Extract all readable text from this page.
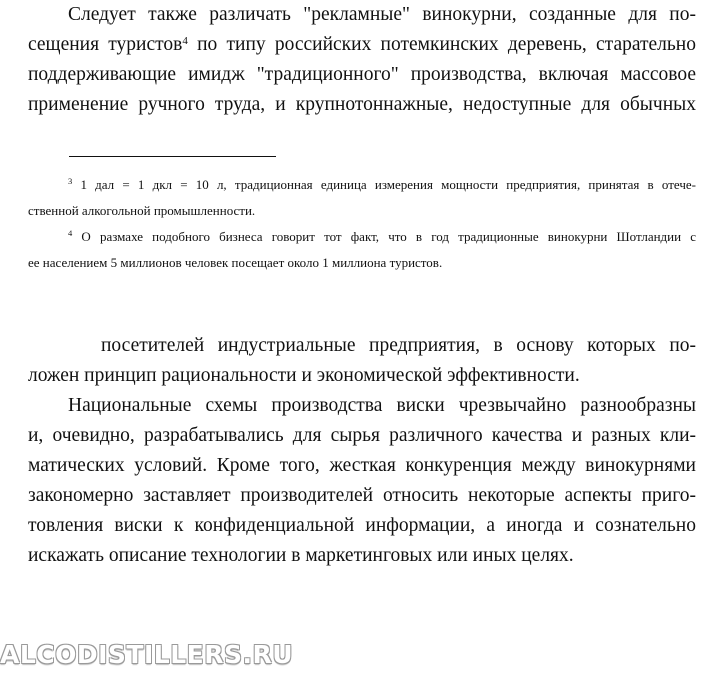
Следует также различать "рекламные" винокурни, созданные для по-
сещения туристов$^4$ по типу российских потемкинских деревень, старательно
поддерживающие имидж "традиционного" производства, включая массовое
применение ручного труда, и крупнотоннажные, недоступные для обычных
$^3$ 1 дал = 1 дкл = 10 л, традиционная единица измерения мощности предприятия, принятая в отече-
ственной алкогольной промышленности.
$^4$ О размахе подобного бизнеса говорит тот факт, что в год традиционные винокурни Шотландии с
ее населением 5 миллионов человек посещает около 1 миллиона туристов.
посетителей индустриальные предприятия, в основу которых по-
ложен принцип рациональности и экономической эффективности.
Национальные схемы производства виски чрезвычайно разнообразны
и, очевидно, разрабатывались для сырья различного качества и разных кли-
матических условий. Кроме того, жесткая конкуренция между винокурнями
закономерно заставляет производителей относить некоторые аспекты приго-
товления виски к конфиденциальной информации, а иногда и сознательно
искажать описание технологии в маркетинговых или иных целях.
ALCODISTILLERS.RU
